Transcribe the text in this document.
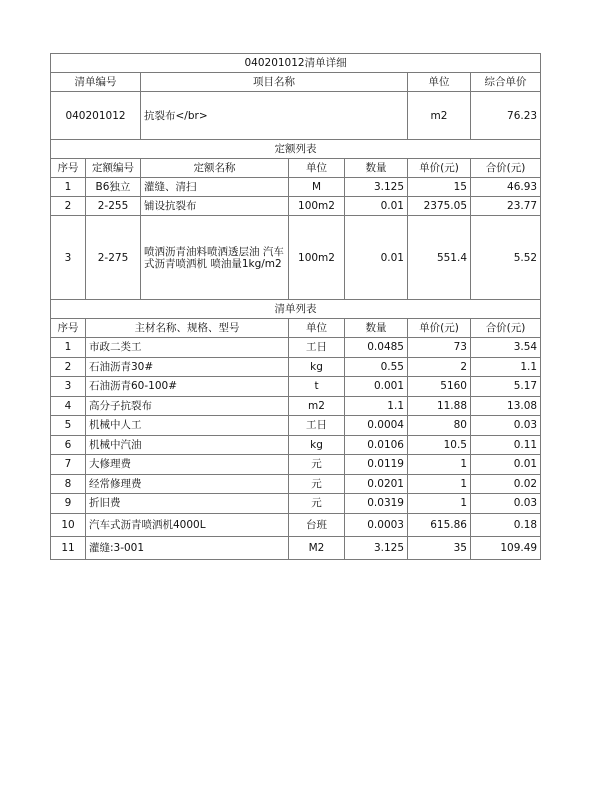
040201012清单详细						
清单编号		项目名称			单位	综合单价
040201012		抗裂布</br>			m2	76.23
定额列表						
序号	定额编号	定额名称	单位	数量	单价(元)	合价(元)
1	B6独立	灌缝、清扫	M	3.125	15	46.93
2	2-255	铺设抗裂布	100m2	0.01	2375.05	23.77
3	2-275	喷洒沥青油料喷洒透层油 汽车式沥青喷洒机 喷油量1kg/m2	100m2	0.01	551.4	5.52
清单列表						
序号	主材名称、规格、型号		单位	数量	单价(元)	合价(元)
1	市政二类工		工日	0.0485	73	3.54
2	石油沥青30#		kg	0.55	2	1.1
3	石油沥青60-100#		t	0.001	5160	5.17
4	高分子抗裂布		m2	1.1	11.88	13.08
5	机械中人工		工日	0.0004	80	0.03
6	机械中汽油		kg	0.0106	10.5	0.11
7	大修理费		元	0.0119	1	0.01
8	经常修理费		元	0.0201	1	0.02
9	折旧费		元	0.0319	1	0.03
10	汽车式沥青喷洒机4000L		台班	0.0003	615.86	0.18
11	灌缝:3-001		M2	3.125	35	109.49
